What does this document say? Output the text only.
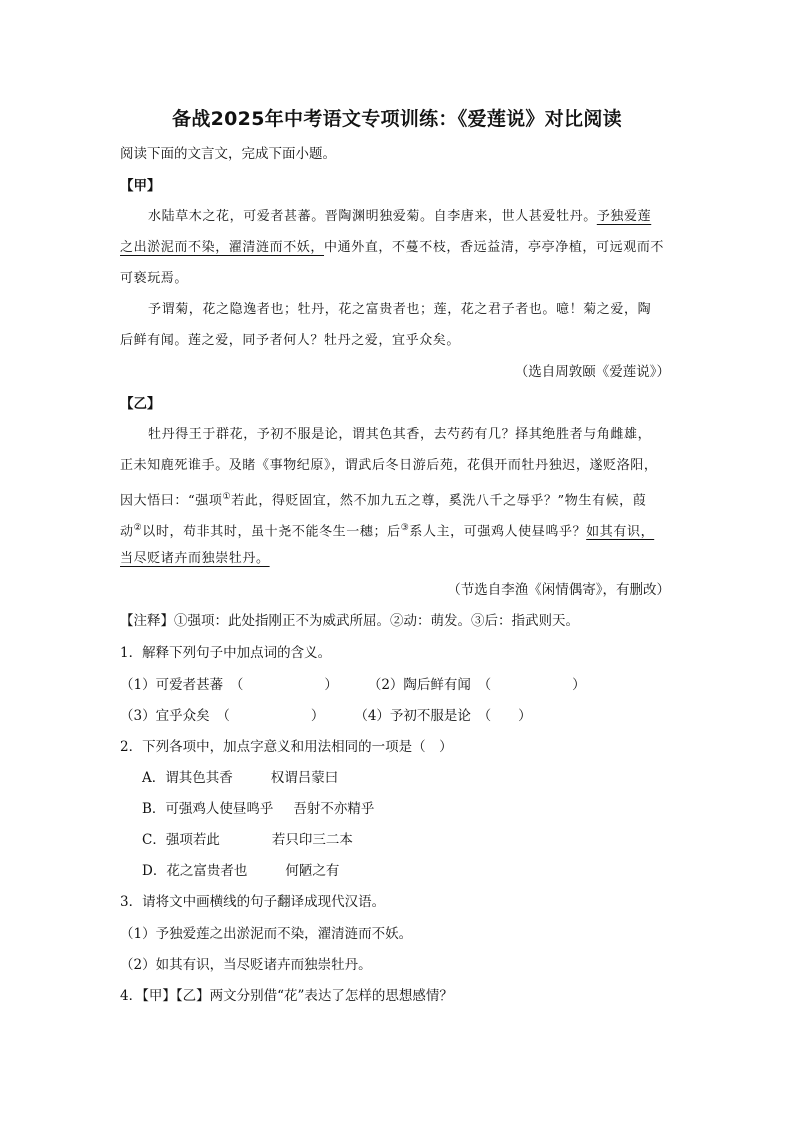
备战2025年中考语文专项训练：《爱莲说》对比阅读
阅读下面的文言文，完成下面小题。
【甲】
水陆草木之花，可爱者甚蕃。晋陶渊明独爱菊。自李唐来，世人甚爱牡丹。予独爱莲
之出淤泥而不染，濯清涟而不妖，中通外直，不蔓不枝，香远益清，亭亭净植，可远观而不
可亵玩焉。
予谓菊，花之隐逸者也；牡丹，花之富贵者也；莲，花之君子者也。噫！菊之爱，陶
后鲜有闻。莲之爱，同予者何人？牡丹之爱，宜乎众矣。
（选自周敦颐《爱莲说》）
【乙】
牡丹得王于群花，予初不服是论，谓其色其香，去芍药有几？择其绝胜者与角雌雄，
正未知鹿死谁手。及睹《事物纪原》，谓武后冬日游后苑，花俱开而牡丹独迟，遂贬洛阳，
因大悟曰：“强项①若此，得贬固宜，然不加九五之尊，奚洗八千之辱乎？”物生有候，葭
动②以时，苟非其时，虽十尧不能冬生一穗；后③系人主，可强鸡人使昼鸣乎？如其有识，
当尽贬诸卉而独崇牡丹。
（节选自李渔《闲情偶寄》，有删改）
【注释】①强项：此处指刚正不为威武所屈。②动：萌发。③后：指武则天。
1．解释下列句子中加点词的含义。
（1）可爱者甚蕃　（　　　　　　） （2）陶后鲜有闻　（　　　　　　）
（3）宜乎众矣　（　　　　　　） （4）予初不服是论　（　　）
2．下列各项中，加点字意义和用法相同的一项是（　）
A．谓其色其香	权谓吕蒙曰
B．可强鸡人使昼鸣乎 吾射不亦精乎
C．强项若此	若只印三二本
D．花之富贵者也	何陋之有
3．请将文中画横线的句子翻译成现代汉语。
（1）予独爱莲之出淤泥而不染，濯清涟而不妖。
（2）如其有识，当尽贬诸卉而独崇牡丹。
4．【甲】【乙】两文分别借“花”表达了怎样的思想感情？
